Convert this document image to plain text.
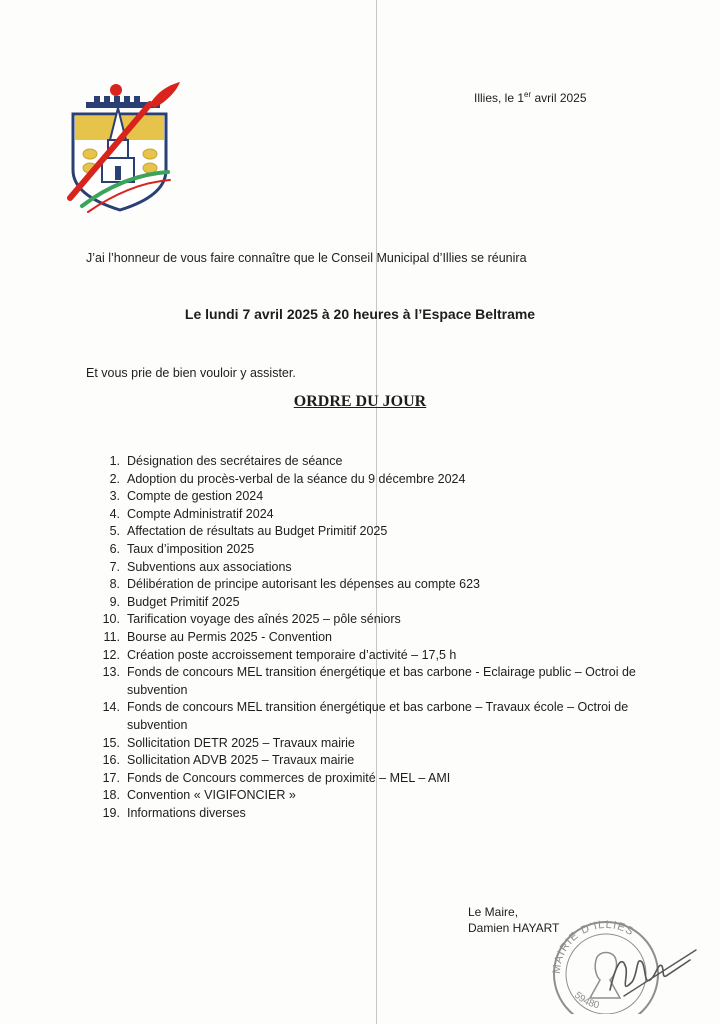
Illies, le 1er avril 2025
J’ai l’honneur de vous faire connaître que le Conseil Municipal d’Illies se réunira
Le lundi 7 avril 2025 à 20 heures à l’Espace Beltrame
Et vous prie de bien vouloir y assister.
ORDRE DU JOUR
1. Désignation des secrétaires de séance
2. Adoption du procès-verbal de la séance du 9 décembre 2024
3. Compte de gestion 2024
4. Compte Administratif 2024
5. Affectation de résultats au Budget Primitif 2025
6. Taux d’imposition 2025
7. Subventions aux associations
8. Délibération de principe autorisant les dépenses au compte 623
9. Budget Primitif 2025
10. Tarification voyage des aînés 2025 – pôle séniors
11. Bourse au Permis 2025 - Convention
12. Création poste accroissement temporaire d’activité – 17,5 h
13. Fonds de concours MEL transition énergétique et bas carbone - Eclairage public – Octroi de subvention
14. Fonds de concours MEL transition énergétique et bas carbone – Travaux école – Octroi de subvention
15. Sollicitation DETR 2025 – Travaux mairie
16. Sollicitation ADVB 2025 – Travaux mairie
17. Fonds de Concours commerces de proximité – MEL – AMI
18. Convention « VIGIFONCIER »
19. Informations diverses
Le Maire,
Damien HAYART
MAIRIE D’ILLIES
59480
